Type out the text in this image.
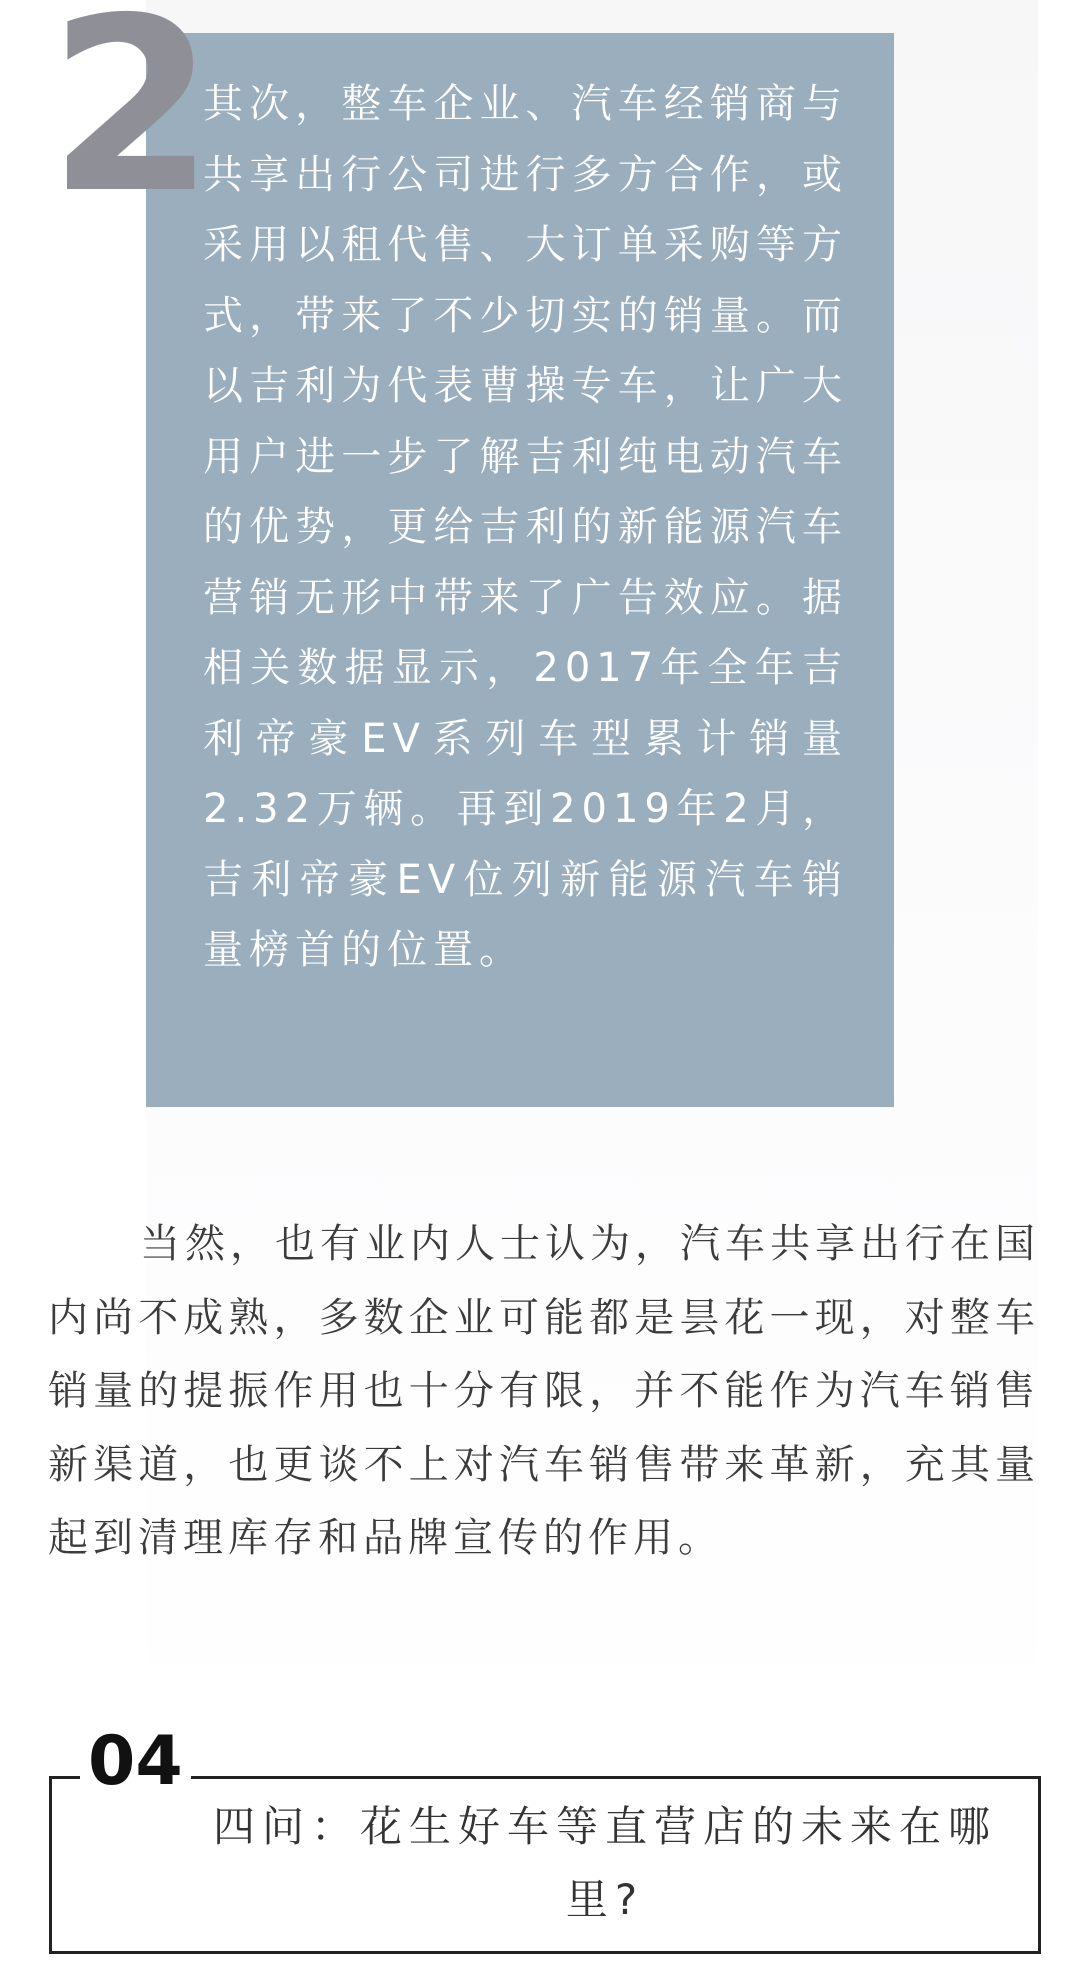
其次，整车企业、汽车经销商与共享出行公司进行多方合作，或采用以租代售、大订单采购等方式，带来了不少切实的销量。而以吉利为代表曹操专车，让广大用户进一步了解吉利纯电动汽车的优势，更给吉利的新能源汽车营销无形中带来了广告效应。据相关数据显示，2017年全年吉利帝豪EV系列车型累计销量2.32万辆。再到2019年2月，吉利帝豪EV位列新能源汽车销量榜首的位置。

2

当然，也有业内人士认为，汽车共享出行在国内尚不成熟，多数企业可能都是昙花一现，对整车销量的提振作用也十分有限，并不能作为汽车销售新渠道，也更谈不上对汽车销售带来革新，充其量起到清理库存和品牌宣传的作用。

04

四问：花生好车等直营店的未来在哪里?
